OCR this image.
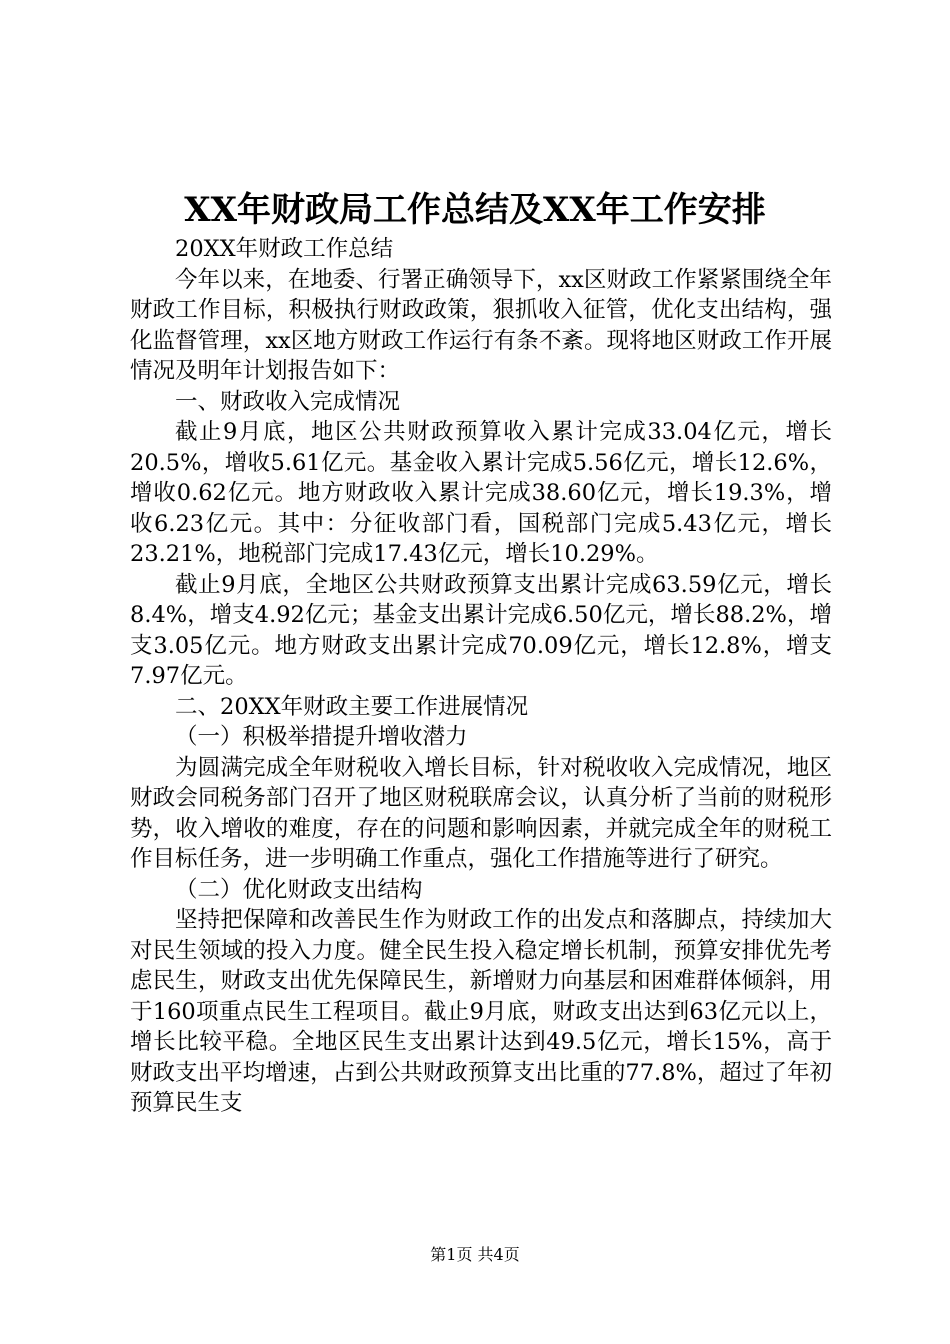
XX年财政局工作总结及XX年工作安排

20XX年财政工作总结

今年以来，在地委、行署正确领导下，xx区财政工作紧紧围绕全年财政工作目标，积极执行财政政策，狠抓收入征管，优化支出结构，强化监督管理，xx区地方财政工作运行有条不紊。现将地区财政工作开展情况及明年计划报告如下：

一、财政收入完成情况

截止9月底，地区公共财政预算收入累计完成33.04亿元，增长20.5%，增收5.61亿元。基金收入累计完成5.56亿元，增长12.6%，增收0.62亿元。地方财政收入累计完成38.60亿元，增长19.3%，增收6.23亿元。其中：分征收部门看，国税部门完成5.43亿元，增长23.21%，地税部门完成17.43亿元，增长10.29%。

截止9月底，全地区公共财政预算支出累计完成63.59亿元，增长8.4%，增支4.92亿元；基金支出累计完成6.50亿元，增长88.2%，增支3.05亿元。地方财政支出累计完成70.09亿元，增长12.8%，增支7.97亿元。

二、20XX年财政主要工作进展情况

（一）积极举措提升增收潜力

为圆满完成全年财税收入增长目标，针对税收收入完成情况，地区财政会同税务部门召开了地区财税联席会议，认真分析了当前的财税形势，收入增收的难度，存在的问题和影响因素，并就完成全年的财税工作目标任务，进一步明确工作重点，强化工作措施等进行了研究。

（二）优化财政支出结构

坚持把保障和改善民生作为财政工作的出发点和落脚点，持续加大对民生领域的投入力度。健全民生投入稳定增长机制，预算安排优先考虑民生，财政支出优先保障民生，新增财力向基层和困难群体倾斜，用于160项重点民生工程项目。截止9月底，财政支出达到63亿元以上，增长比较平稳。全地区民生支出累计达到49.5亿元，增长15%，高于财政支出平均增速，占到公共财政预算支出比重的77.8%，超过了年初预算民生支

第1页 共4页
